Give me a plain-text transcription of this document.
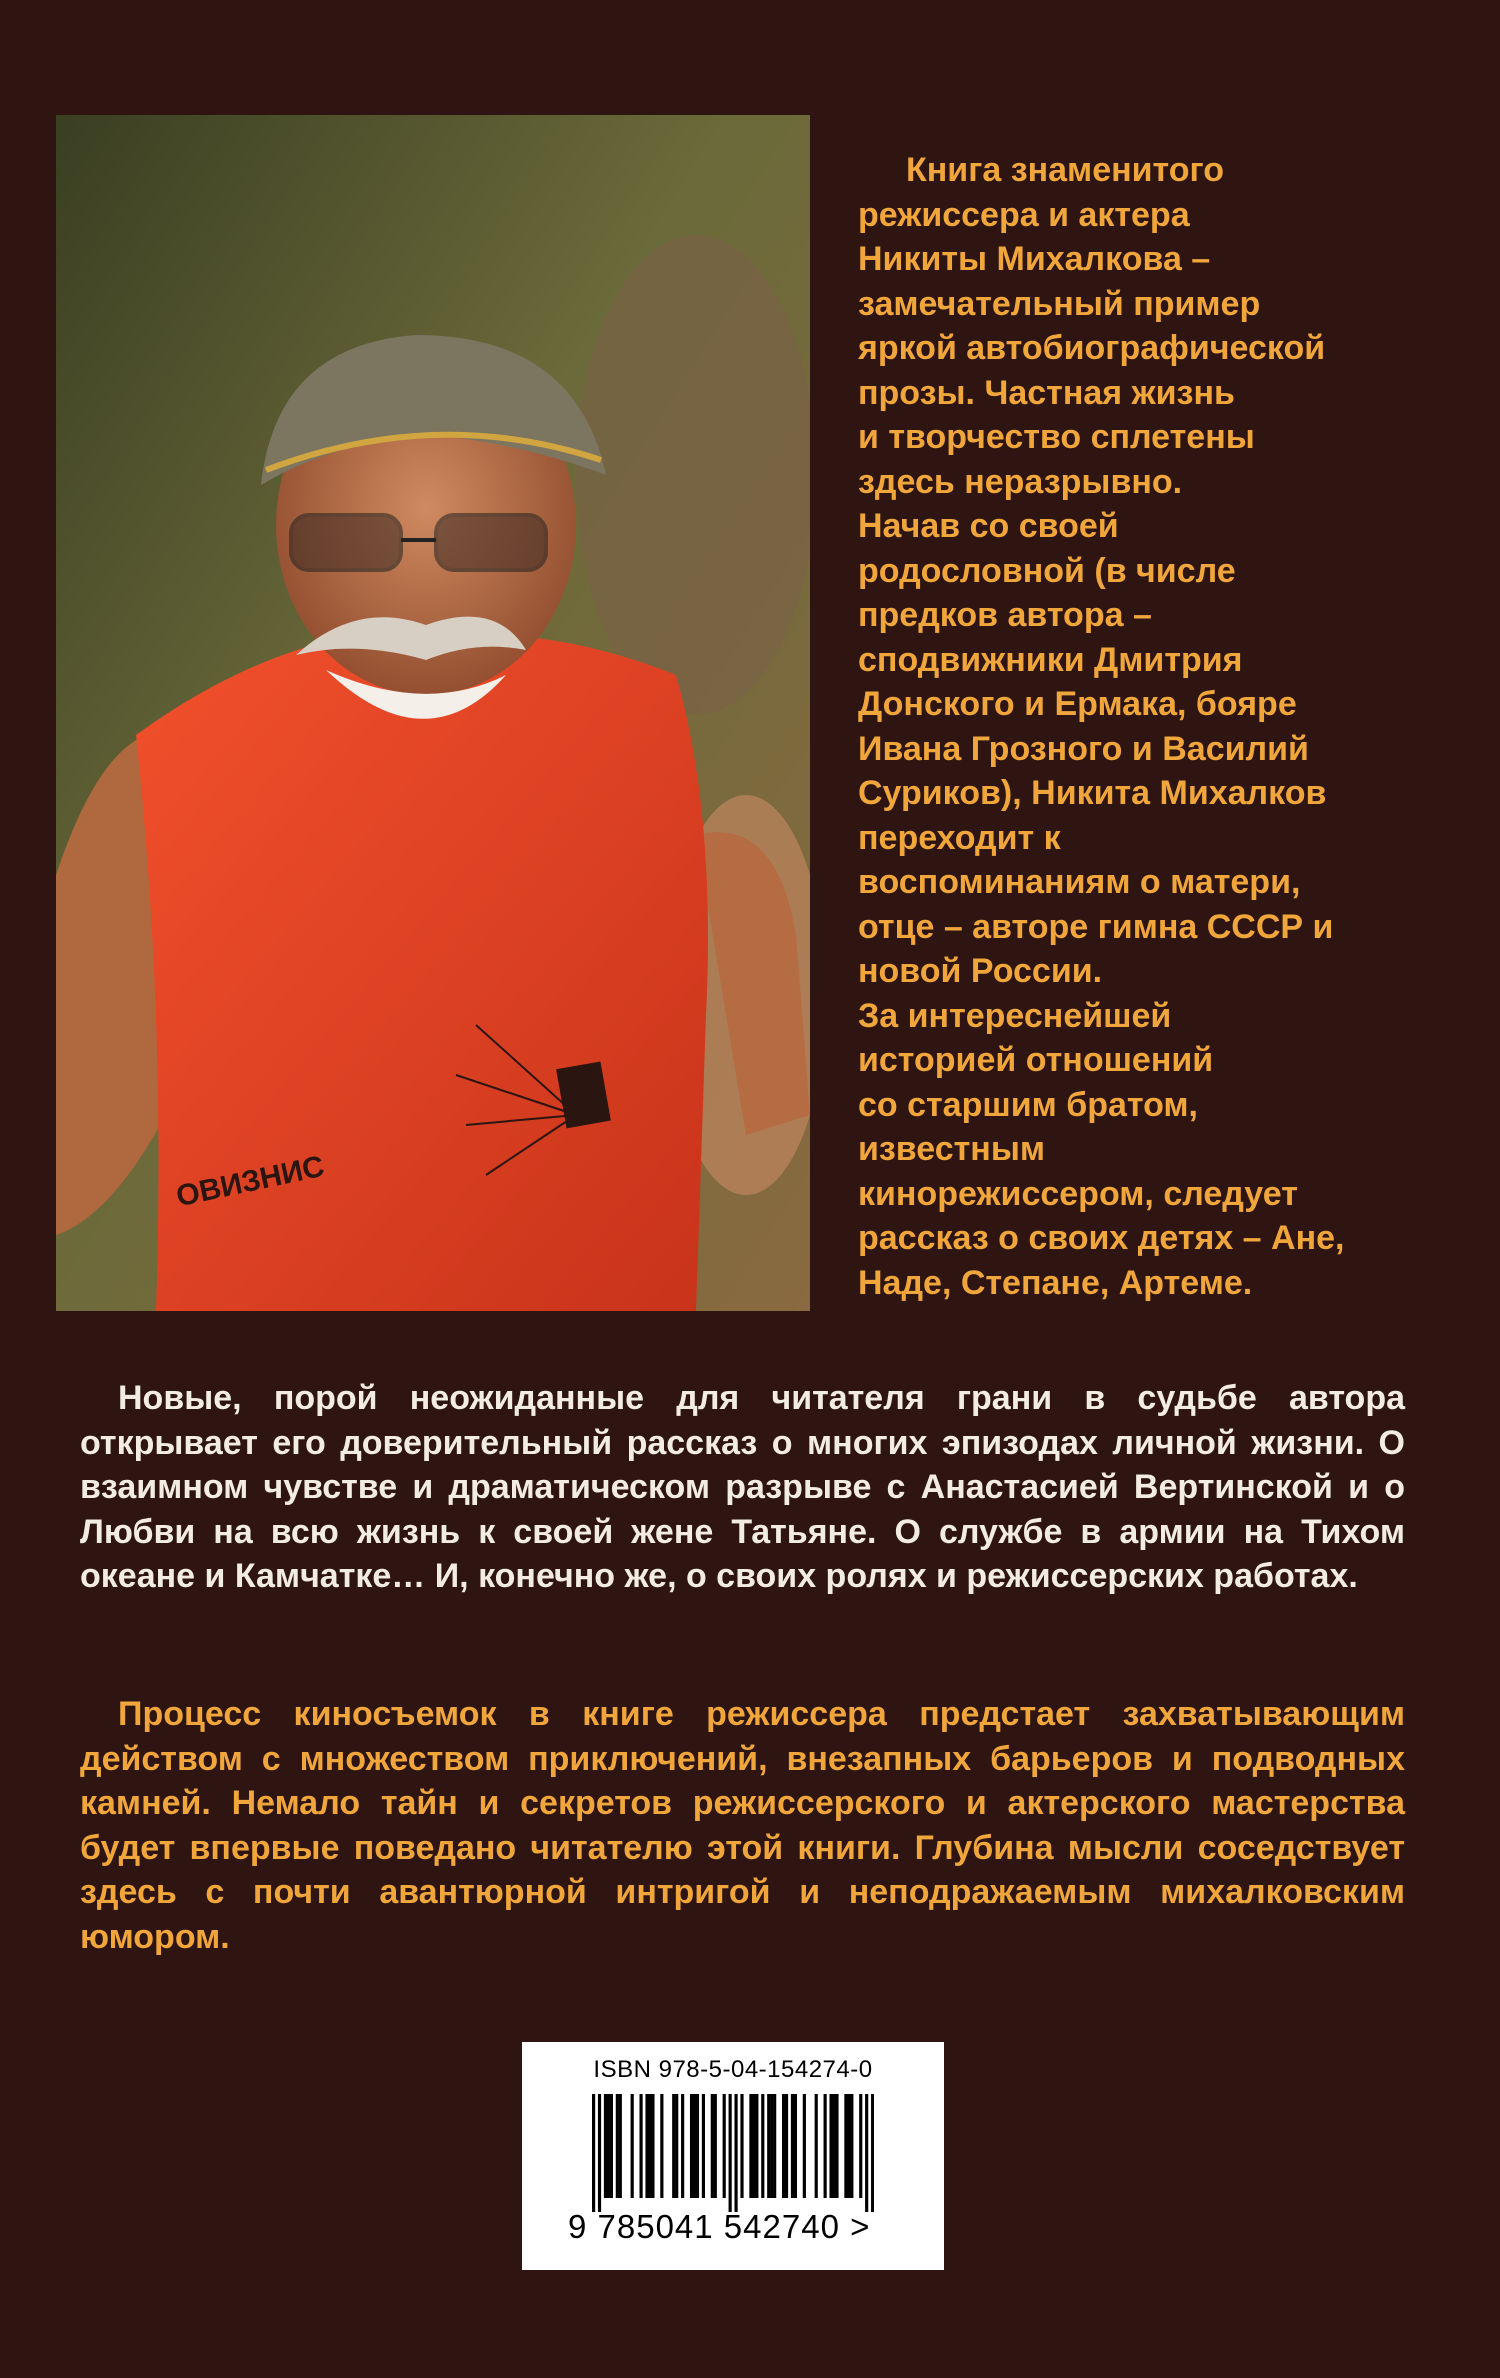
ОВИЗНИС

Книга знаменитого

режиссера и актера

Никиты Михалкова –

замечательный пример

яркой автобиографической

прозы. Частная жизнь

и творчество сплетены

здесь неразрывно.

Начав со своей

родословной (в числе

предков автора –

сподвижники Дмитрия

Донского и Ермака, бояре

Ивана Грозного и Василий

Суриков), Никита Михалков

переходит к

воспоминаниям о матери,

отце – авторе гимна СССР и

новой России.

За интереснейшей

историей отношений

со старшим братом,

известным

кинорежиссером, следует

рассказ о своих детях – Ане,

Наде, Степане, Артеме.

Новые, порой неожиданные для читателя грани в судьбе автора открывает его доверительный рассказ о многих эпизодах личной жизни. О взаимном чувстве и драматическом разрыве с Анастасией Вертинской и о Любви на всю жизнь к своей жене Татьяне. О службе в армии на Тихом океане и Камчатке… И, конечно же, о своих ролях и режиссерских работах.

Процесс киносъемок в книге режиссера предстает захватывающим действом с множеством приключений, внезапных барьеров и подводных камней. Немало тайн и секретов режиссерского и актерского мастерства будет впервые поведано читателю этой книги. Глубина мысли соседствует здесь с почти авантюрной интригой и неподражаемым михалковским юмором.

ISBN 978-5-04-154274-0
9 785041 542740 >
